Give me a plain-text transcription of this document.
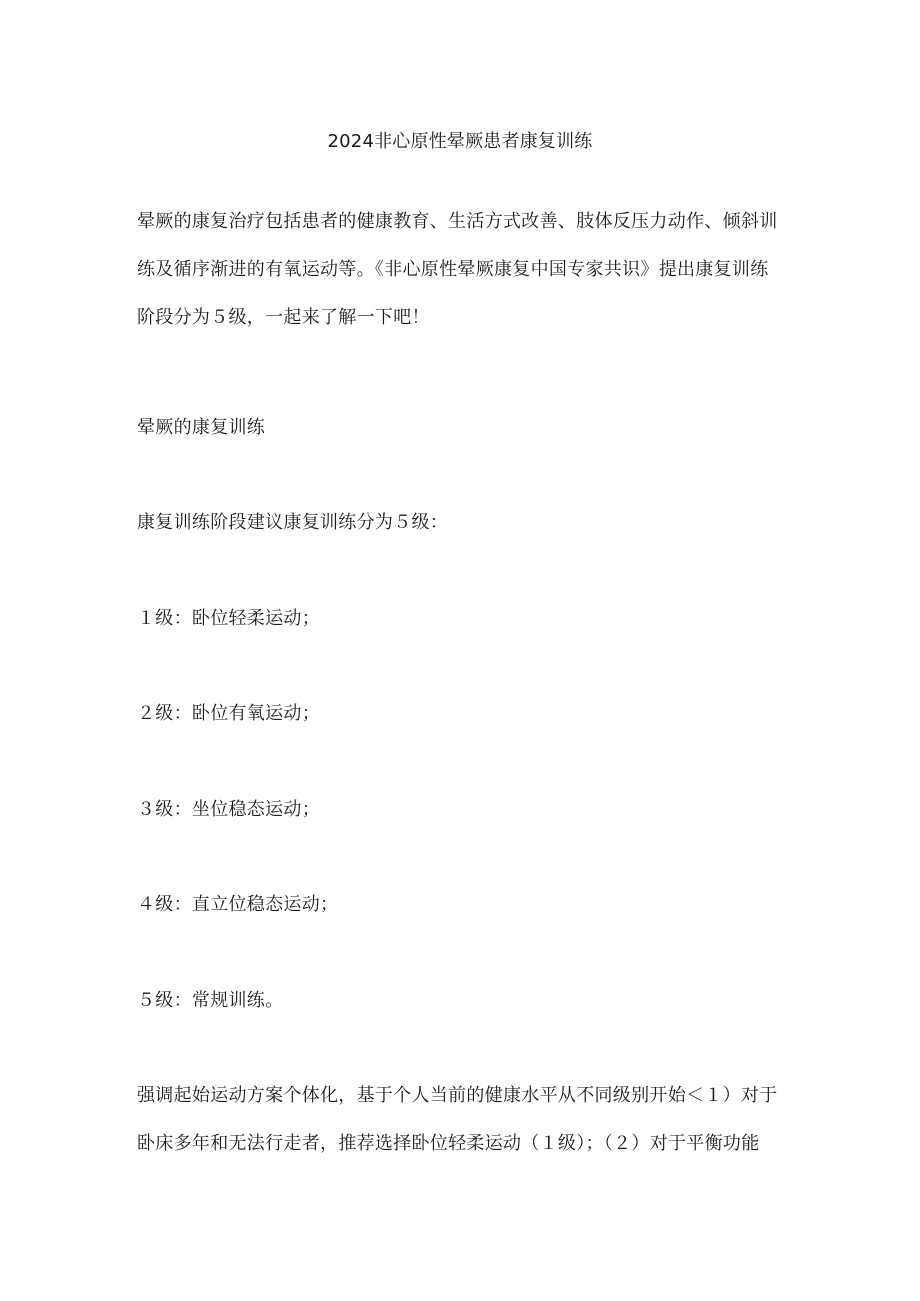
2024非心原性晕厥患者康复训练
晕厥的康复治疗包括患者的健康教育、生活方式改善、肢体反压力动作、倾斜训
练及循序渐进的有氧运动等。《非心原性晕厥康复中国专家共识》提出康复训练
阶段分为５级，一起来了解一下吧！
晕厥的康复训练
康复训练阶段建议康复训练分为５级：
１级：卧位轻柔运动；
２级：卧位有氧运动；
３级：坐位稳态运动；
４级：直立位稳态运动；
５级：常规训练。
强调起始运动方案个体化，基于个人当前的健康水平从不同级别开始＜１）对于
卧床多年和无法行走者，推荐选择卧位轻柔运动（１级）；（２）对于平衡功能
